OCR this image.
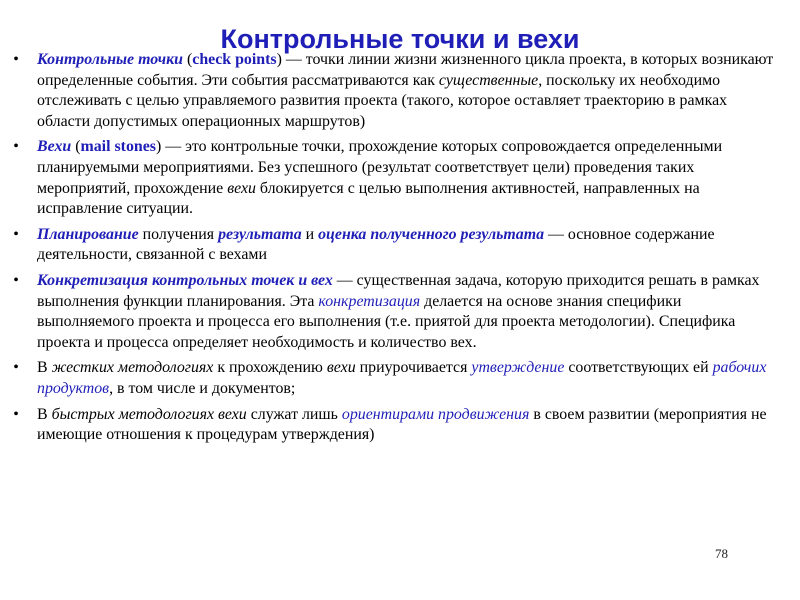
Контрольные точки и вехи
• Контрольные точки (check points) — точки линии жизни жизненного цикла проекта, в которых возникают определенные события. Эти события рассматриваются как существенные, поскольку их необходимо отслеживать с целью управляемого развития проекта (такого, которое оставляет траекторию в рамках области допустимых операционных маршрутов)
• Вехи (mail stones) — это контрольные точки, прохождение которых сопровождается определенными планируемыми мероприятиями. Без успешного (результат соответствует цели) проведения таких мероприятий, прохождение вехи блокируется с целью выполнения активностей, направленных на исправление ситуации.
• Планирование получения результата и оценка полученного результата — основное содержание деятельности, связанной с вехами
• Конкретизация контрольных точек и вех — существенная задача, которую приходится решать в рамках выполнения функции планирования. Эта конкретизация делается на основе знания специфики выполняемого проекта и процесса его выполнения (т.е. приятой для проекта методологии). Специфика проекта и процесса определяет необходимость и количество вех.
• В жестких методологиях к прохождению вехи приурочивается утверждение соответствующих ей рабочих продуктов, в том числе и документов;
• В быстрых методологиях вехи служат лишь ориентирами продвижения в своем развитии (мероприятия не имеющие отношения к процедурам утверждения)
78
